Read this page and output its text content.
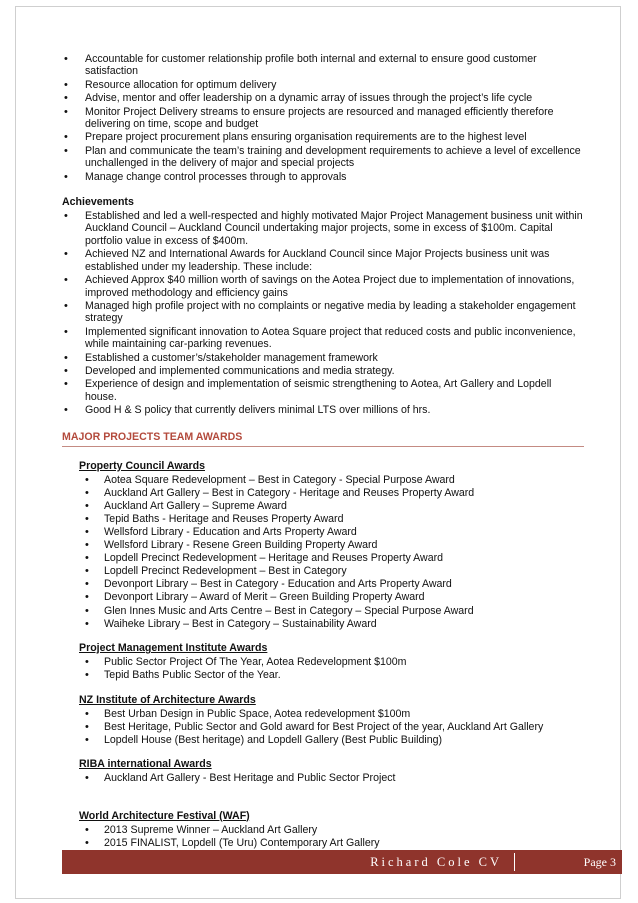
• Accountable for customer relationship profile both internal and external to ensure good customer satisfaction
• Resource allocation for optimum delivery
• Advise, mentor and offer leadership on a dynamic array of issues through the project’s life cycle
• Monitor Project Delivery streams to ensure projects are resourced and managed efficiently therefore delivering on time, scope and budget
• Prepare project procurement plans ensuring organisation requirements are to the highest level
• Plan and communicate the team’s training and development requirements to achieve a level of excellence unchallenged in the delivery of major and special projects
• Manage change control processes through to approvals
Achievements
• Established and led a well-respected and highly motivated Major Project Management business unit within Auckland Council – Auckland Council undertaking major projects, some in excess of $100m. Capital portfolio value in excess of $400m.
• Achieved NZ and International Awards for Auckland Council since Major Projects business unit was established under my leadership. These include:
• Achieved Approx $40 million worth of savings on the Aotea Project due to implementation of innovations, improved methodology and efficiency gains
• Managed high profile project with no complaints or negative media by leading a stakeholder engagement strategy
• Implemented significant innovation to Aotea Square project that reduced costs and public inconvenience, while maintaining car-parking revenues.
• Established a customer’s/stakeholder management framework
• Developed and implemented communications and media strategy.
• Experience of design and implementation of seismic strengthening to Aotea, Art Gallery and Lopdell house.
• Good H & S policy that currently delivers minimal LTS over millions of hrs.
MAJOR PROJECTS TEAM AWARDS
Property Council Awards
• Aotea Square Redevelopment – Best in Category - Special Purpose Award
• Auckland Art Gallery – Best in Category - Heritage and Reuses Property Award
• Auckland Art Gallery – Supreme Award
• Tepid Baths - Heritage and Reuses Property Award
• Wellsford Library - Education and Arts Property Award
• Wellsford Library - Resene Green Building Property Award
• Lopdell Precinct Redevelopment – Heritage and Reuses Property Award
• Lopdell Precinct Redevelopment – Best in Category
• Devonport Library – Best in Category - Education and Arts Property Award
• Devonport Library – Award of Merit – Green Building Property Award
• Glen Innes Music and Arts Centre – Best in Category – Special Purpose Award
• Waiheke Library – Best in Category – Sustainability Award
Project Management Institute Awards
• Public Sector Project Of The Year, Aotea Redevelopment $100m
• Tepid Baths Public Sector of the Year.
NZ Institute of Architecture Awards
• Best Urban Design in Public Space, Aotea redevelopment $100m
• Best Heritage, Public Sector and Gold award for Best Project of the year, Auckland Art Gallery
• Lopdell House (Best heritage) and Lopdell Gallery (Best Public Building)
RIBA international Awards
• Auckland Art Gallery - Best Heritage and Public Sector Project
World Architecture Festival (WAF)
• 2013 Supreme Winner – Auckland Art Gallery
• 2015 FINALIST, Lopdell (Te Uru) Contemporary Art Gallery
•
Richard Cole CV	Page 3
